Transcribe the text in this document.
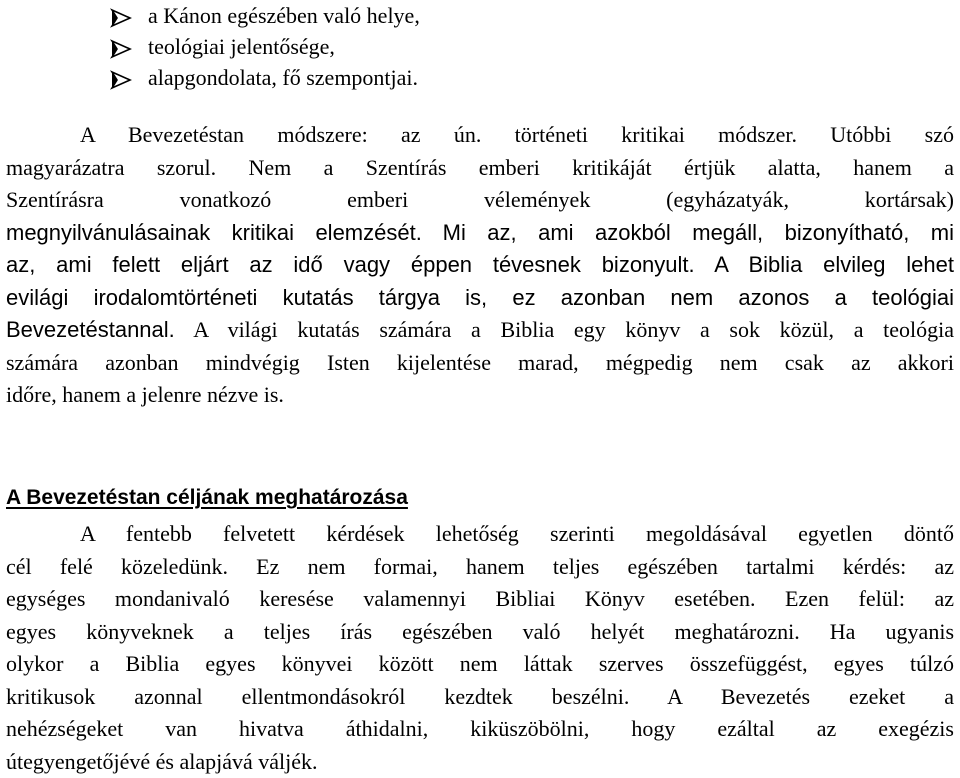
a Kánon egészében való helye,
teológiai jelentősége,
alapgondolata, fő szempontjai.
A Bevezetéstan módszere: az ún. történeti kritikai módszer. Utóbbi szó
magyarázatra szorul. Nem a Szentírás emberi kritikáját értjük alatta, hanem a
Szentírásra vonatkozó emberi vélemények (egyházatyák, kortársak)
megnyilvánulásainak kritikai elemzését. Mi az, ami azokból megáll, bizonyítható, mi
az, ami felett eljárt az idő vagy éppen tévesnek bizonyult. A Biblia elvileg lehet
evilági irodalomtörténeti kutatás tárgya is, ez azonban nem azonos a teológiai
Bevezetéstannal. A világi kutatás számára a Biblia egy könyv a sok közül, a teológia
számára azonban mindvégig Isten kijelentése marad, mégpedig nem csak az akkori
időre, hanem a jelenre nézve is.
A Bevezetéstan céljának meghatározása
A fentebb felvetett kérdések lehetőség szerinti megoldásával egyetlen döntő
cél felé közeledünk. Ez nem formai, hanem teljes egészében tartalmi kérdés: az
egységes mondanivaló keresése valamennyi Bibliai Könyv esetében. Ezen felül: az
egyes könyveknek a teljes írás egészében való helyét meghatározni. Ha ugyanis
olykor a Biblia egyes könyvei között nem láttak szerves összefüggést, egyes túlzó
kritikusok azonnal ellentmondásokról kezdtek beszélni. A Bevezetés ezeket a
nehézségeket van hivatva áthidalni, kiküszöbölni, hogy ezáltal az exegézis
útegyengetőjévé és alapjává váljék.
